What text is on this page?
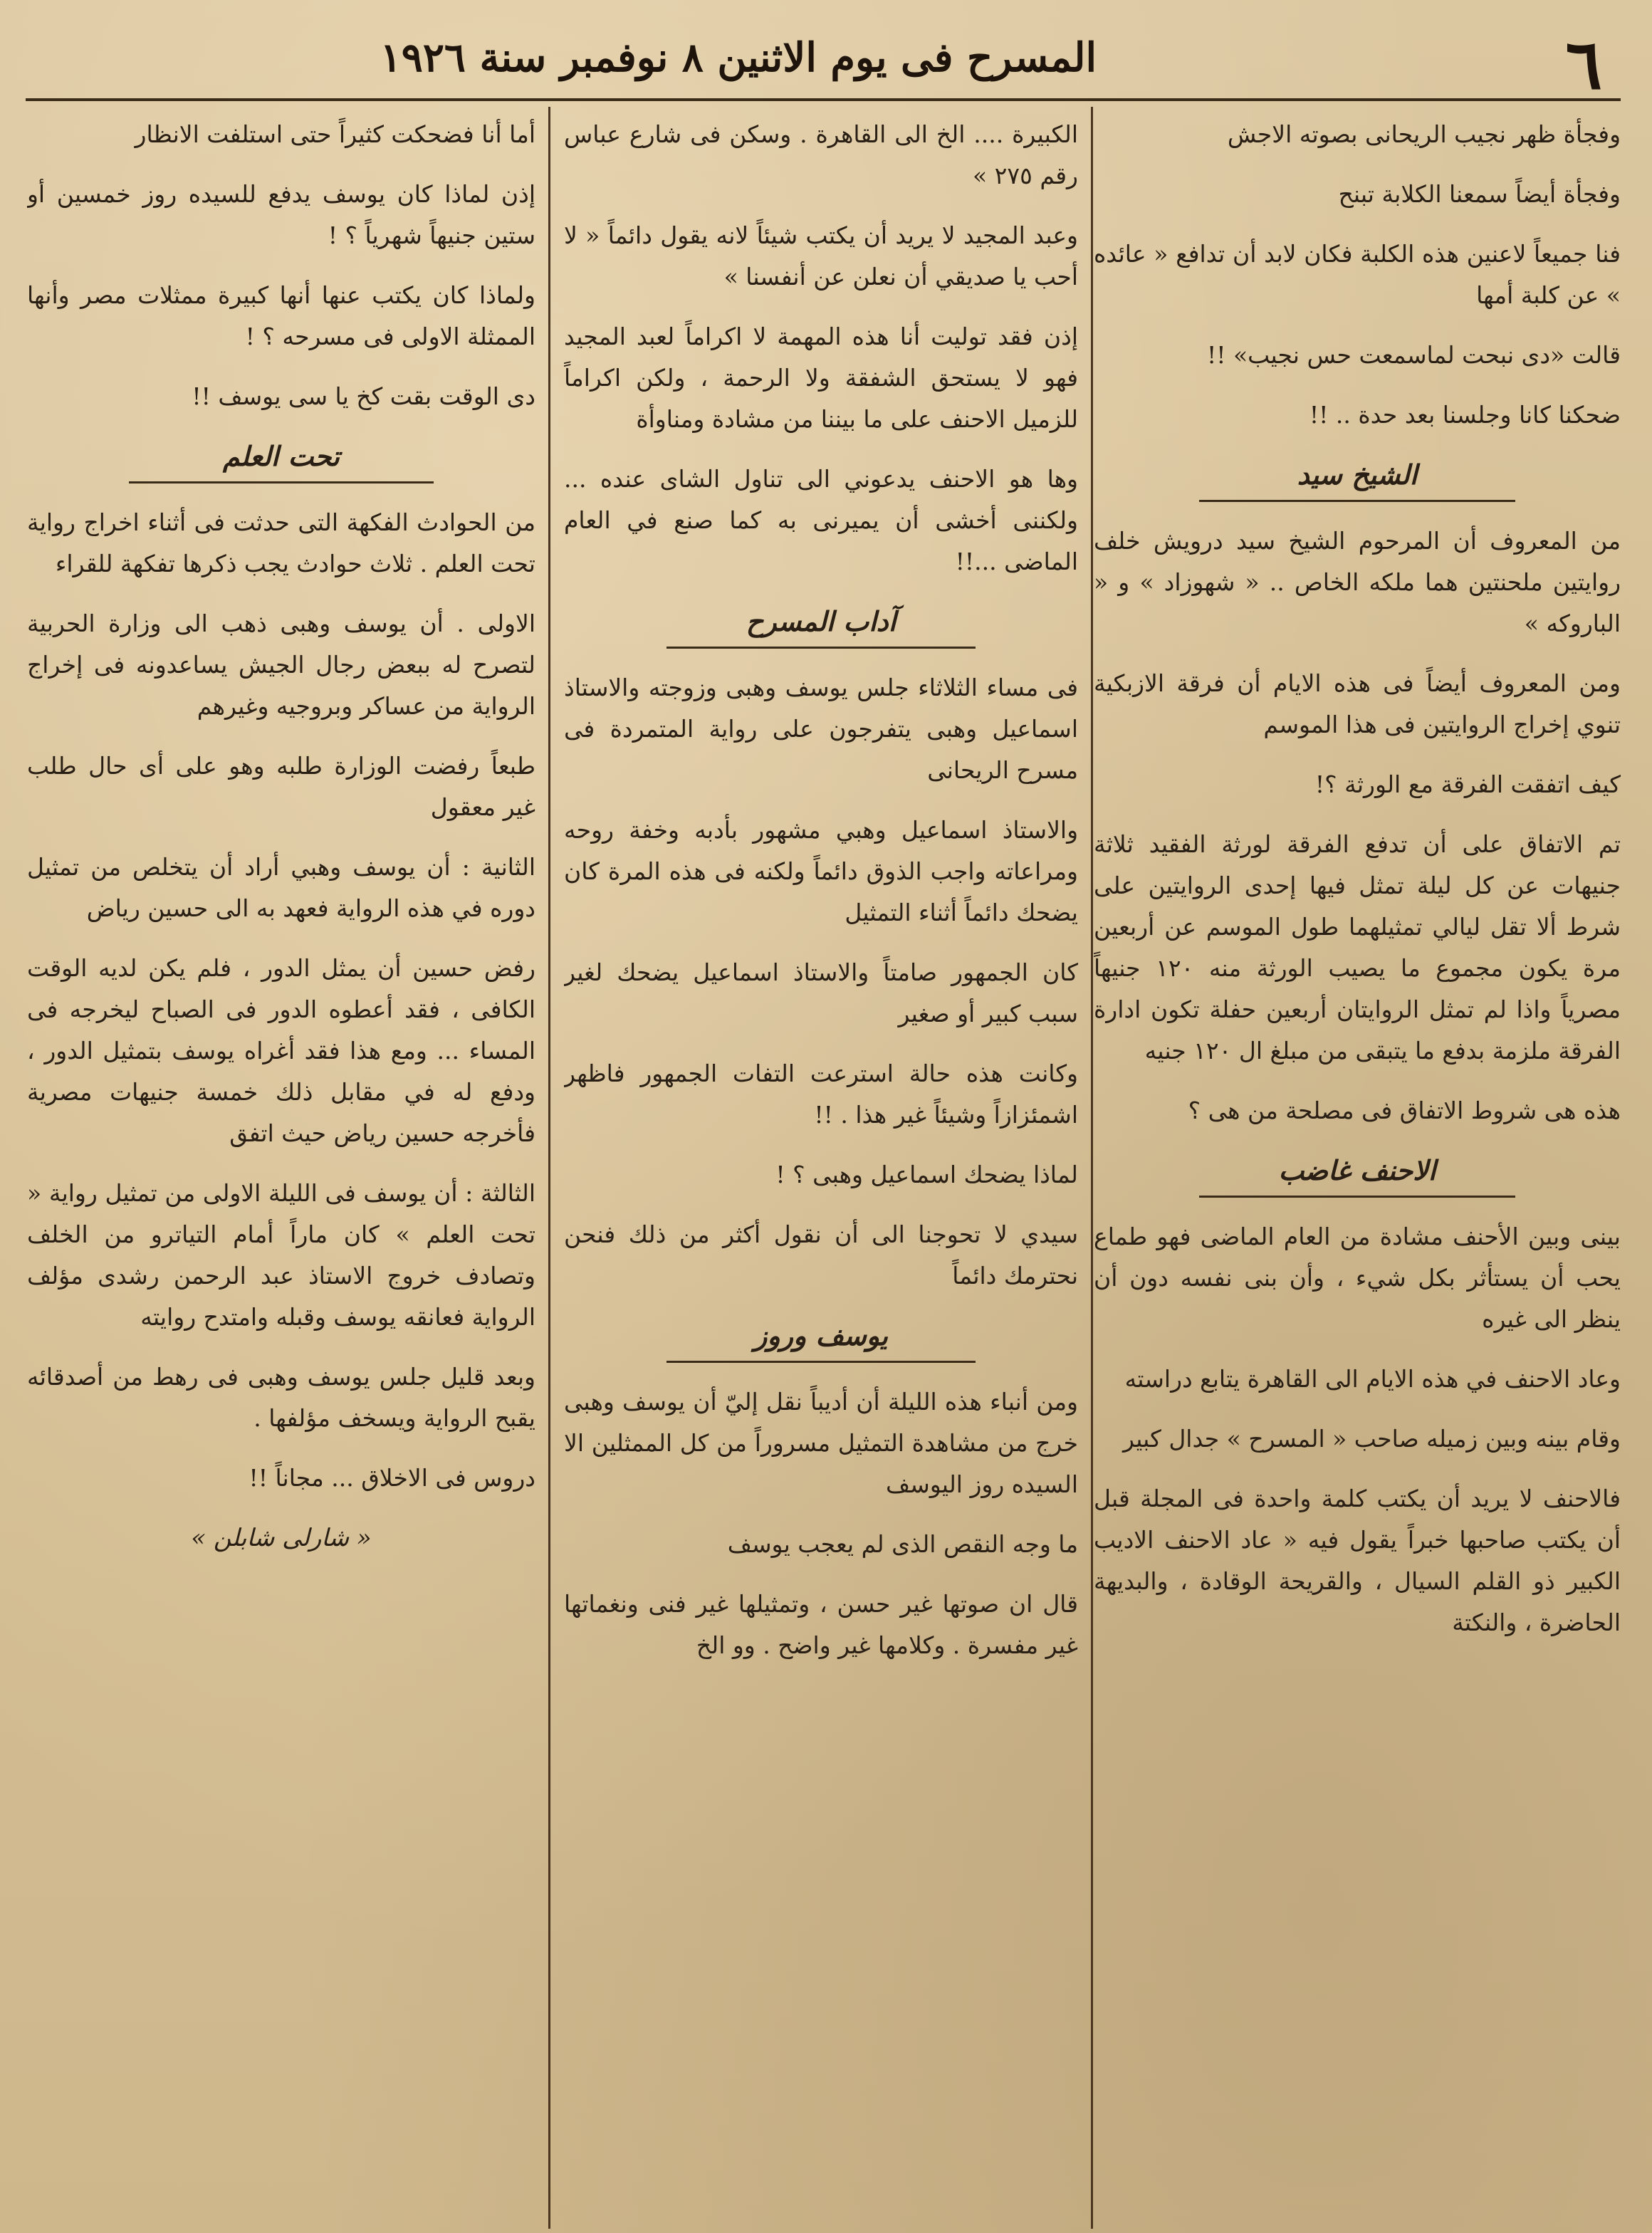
٦
المسرح فى يوم الاثنين ٨ نوفمبر سنة ١٩٢٦

وفجأة ظهر نجيب الريحانى بصوته الاجش

وفجأة أيضاً سمعنا الكلابة تبنح

فنا جميعاً لاعنين هذه الكلبة فكان لابد أن تدافع « عائده » عن كلبة أمها

قالت «دى نبحت لماسمعت حس نجيب» !!

ضحكنا كانا وجلسنا بعد حدة .. !!

الشيخ سيد

من المعروف أن المرحوم الشيخ سيد درويش خلف روايتين ملحنتين هما ملكه الخاص .. « شهوزاد » و « الباروكه »

ومن المعروف أيضاً فى هذه الايام أن فرقة الازبكية تنوي إخراج الروايتين فى هذا الموسم

كيف اتفقت الفرقة مع الورثة ؟!

تم الاتفاق على أن تدفع الفرقة لورثة الفقيد ثلاثة جنيهات عن كل ليلة تمثل فيها إحدى الروايتين على شرط ألا تقل ليالي تمثيلهما طول الموسم عن أربعين مرة يكون مجموع ما يصيب الورثة منه ١٢٠ جنيهاً مصرياً واذا لم تمثل الروايتان أربعين حفلة تكون ادارة الفرقة ملزمة بدفع ما يتبقى من مبلغ ال ١٢٠ جنيه

هذه هى شروط الاتفاق فى مصلحة من هى ؟

الاحنف غاضب

بينى وبين الأحنف مشادة من العام الماضى فهو طماع يحب أن يستأثر بكل شيء ، وأن بنى نفسه دون أن ينظر الى غيره

وعاد الاحنف في هذه الايام الى القاهرة يتابع دراسته

وقام بينه وبين زميله صاحب « المسرح » جدال كبير

فالاحنف لا يريد أن يكتب كلمة واحدة فى المجلة قبل أن يكتب صاحبها خبراً يقول فيه « عاد الاحنف الاديب الكبير ذو القلم السيال ، والقريحة الوقادة ، والبديهة الحاضرة ، والنكتة

الكبيرة .... الخ الى القاهرة . وسكن فى شارع عباس رقم ٢٧٥ »

وعبد المجيد لا يريد أن يكتب شيئاً لانه يقول دائماً « لا أحب يا صديقي أن نعلن عن أنفسنا »

إذن فقد توليت أنا هذه المهمة لا اكراماً لعبد المجيد فهو لا يستحق الشفقة ولا الرحمة ، ولكن اكراماً للزميل الاحنف على ما بيننا من مشادة ومناوأة

وها هو الاحنف يدعوني الى تناول الشاى عنده ... ولكننى أخشى أن يميرنى به كما صنع في العام الماضى ...!!

آداب المسرح

فى مساء الثلاثاء جلس يوسف وهبى وزوجته والاستاذ اسماعيل وهبى يتفرجون على رواية المتمردة فى مسرح الريحانى

والاستاذ اسماعيل وهبي مشهور بأدبه وخفة روحه ومراعاته واجب الذوق دائماً ولكنه فى هذه المرة كان يضحك دائماً أثناء التمثيل

كان الجمهور صامتاً والاستاذ اسماعيل يضحك لغير سبب كبير أو صغير

وكانت هذه حالة استرعت التفات الجمهور فاظهر اشمئزازاً وشيئاً غير هذا . !!

لماذا يضحك اسماعيل وهبى ؟ !

سيدي لا تحوجنا الى أن نقول أكثر من ذلك فنحن نحترمك دائماً

يوسف وروز

ومن أنباء هذه الليلة أن أديباً نقل إليّ أن يوسف وهبى خرج من مشاهدة التمثيل مسروراً من كل الممثلين الا السيده روز اليوسف

ما وجه النقص الذى لم يعجب يوسف

قال ان صوتها غير حسن ، وتمثيلها غير فنى ونغماتها غير مفسرة . وكلامها غير واضح . وو الخ

أما أنا فضحكت كثيراً حتى استلفت الانظار

إذن لماذا كان يوسف يدفع للسيده روز خمسين أو ستين جنيهاً شهرياً ؟ !

ولماذا كان يكتب عنها أنها كبيرة ممثلات مصر وأنها الممثلة الاولى فى مسرحه ؟ !

دى الوقت بقت كخ يا سى يوسف !!

تحت العلم

من الحوادث الفكهة التى حدثت فى أثناء اخراج رواية تحت العلم . ثلاث حوادث يجب ذكرها تفكهة للقراء

الاولى . أن يوسف وهبى ذهب الى وزارة الحربية لتصرح له ببعض رجال الجيش يساعدونه فى إخراج الرواية من عساكر وبروجيه وغيرهم

طبعاً رفضت الوزارة طلبه وهو على أى حال طلب غير معقول

الثانية : أن يوسف وهبي أراد أن يتخلص من تمثيل دوره في هذه الرواية فعهد به الى حسين رياض

رفض حسين أن يمثل الدور ، فلم يكن لديه الوقت الكافى ، فقد أعطوه الدور فى الصباح ليخرجه فى المساء ... ومع هذا فقد أغراه يوسف بتمثيل الدور ، ودفع له في مقابل ذلك خمسة جنيهات مصرية فأخرجه حسين رياض حيث اتفق

الثالثة : أن يوسف فى الليلة الاولى من تمثيل رواية « تحت العلم » كان ماراً أمام التياترو من الخلف وتصادف خروج الاستاذ عبد الرحمن رشدى مؤلف الرواية فعانقه يوسف وقبله وامتدح روايته

وبعد قليل جلس يوسف وهبى فى رهط من أصدقائه يقبح الرواية ويسخف مؤلفها .

دروس فى الاخلاق ... مجاناً !!

« شارلى شابلن »
